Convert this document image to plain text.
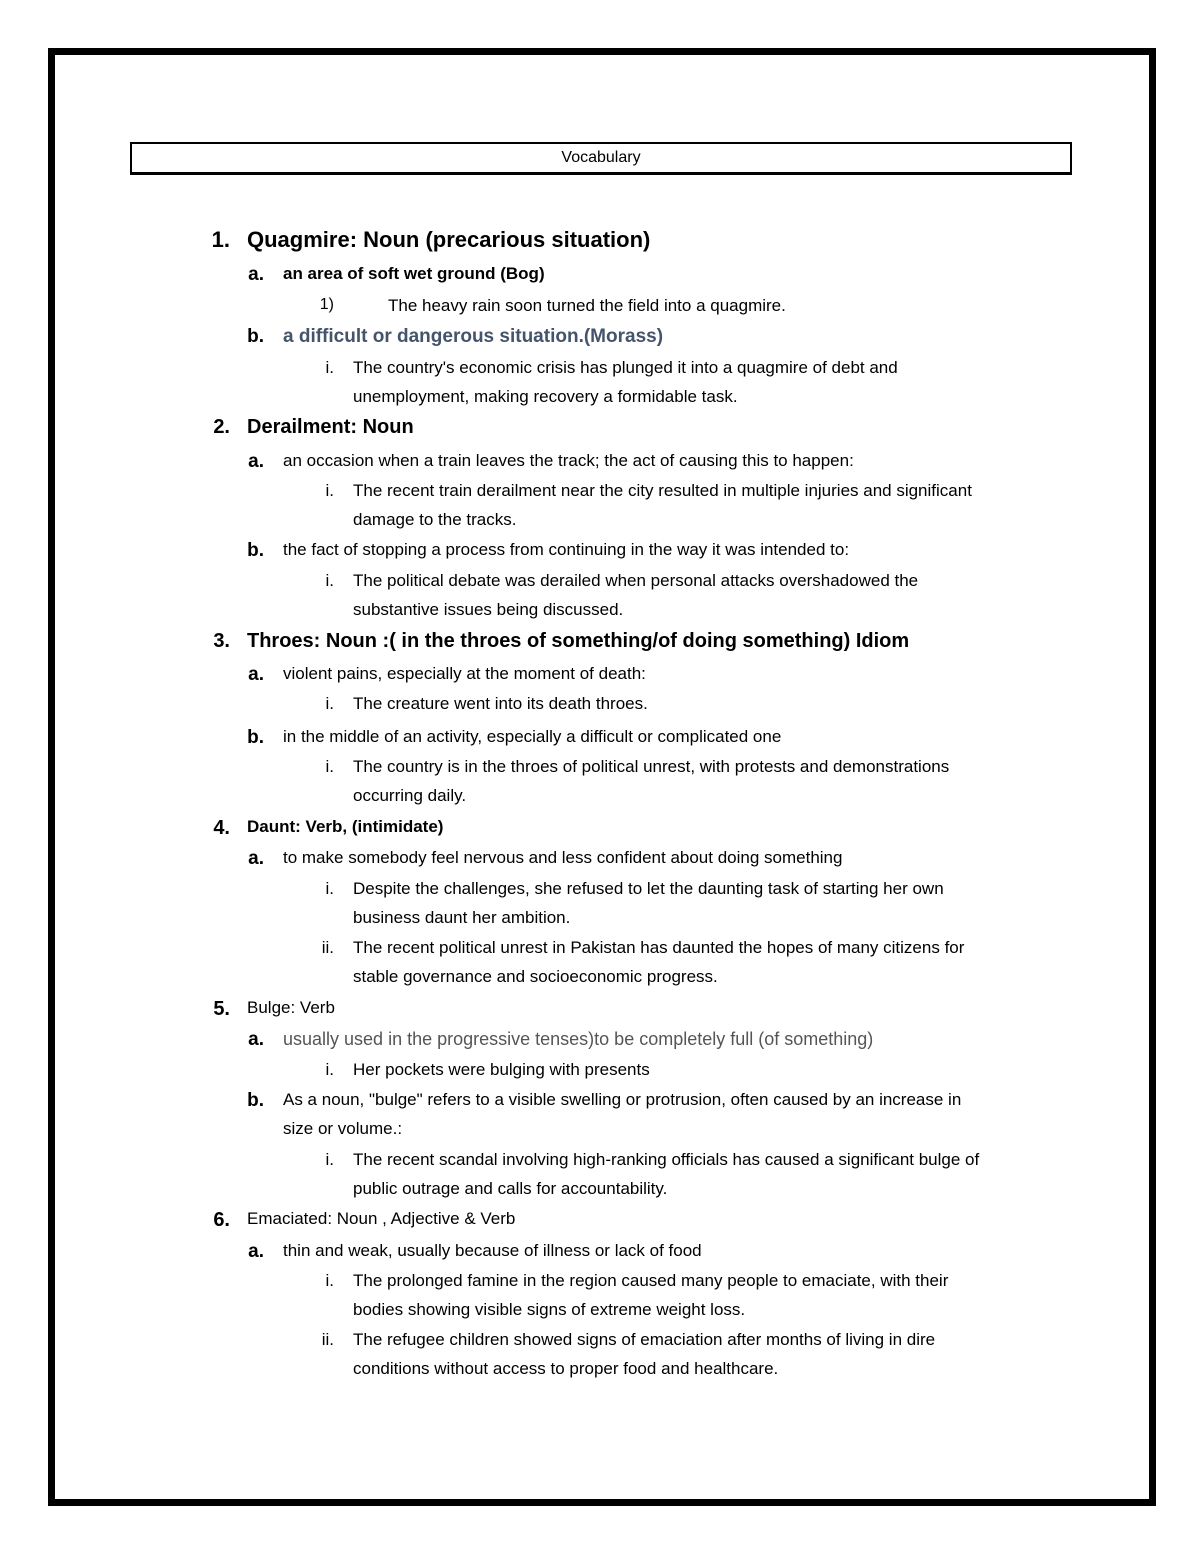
Vocabulary
1. Quagmire: Noun (precarious situation)
a. an area of soft wet ground (Bog)
1)	The heavy rain soon turned the field into a quagmire.
b. a difficult or dangerous situation.(Morass)
i. The country's economic crisis has plunged it into a quagmire of debt and
unemployment, making recovery a formidable task.
2. Derailment: Noun
a. an occasion when a train leaves the track; the act of causing this to happen:
i. The recent train derailment near the city resulted in multiple injuries and significant
damage to the tracks.
b. the fact of stopping a process from continuing in the way it was intended to:
i. The political debate was derailed when personal attacks overshadowed the
substantive issues being discussed.
3. Throes: Noun :( in the throes of something/of doing something) Idiom
a. violent pains, especially at the moment of death:
i. The creature went into its death throes.
b. in the middle of an activity, especially a difficult or complicated one
i. The country is in the throes of political unrest, with protests and demonstrations
occurring daily.
4. Daunt: Verb, (intimidate)
a. to make somebody feel nervous and less confident about doing something
i. Despite the challenges, she refused to let the daunting task of starting her own
business daunt her ambition.
ii. The recent political unrest in Pakistan has daunted the hopes of many citizens for
stable governance and socioeconomic progress.
5. Bulge: Verb
a. usually used in the progressive tenses)to be completely full (of something)
i. Her pockets were bulging with presents
b. As a noun, "bulge" refers to a visible swelling or protrusion, often caused by an increase in
size or volume.:
i. The recent scandal involving high-ranking officials has caused a significant bulge of
public outrage and calls for accountability.
6. Emaciated: Noun , Adjective & Verb
a. thin and weak, usually because of illness or lack of food
i. The prolonged famine in the region caused many people to emaciate, with their
bodies showing visible signs of extreme weight loss.
ii. The refugee children showed signs of emaciation after months of living in dire
conditions without access to proper food and healthcare.
